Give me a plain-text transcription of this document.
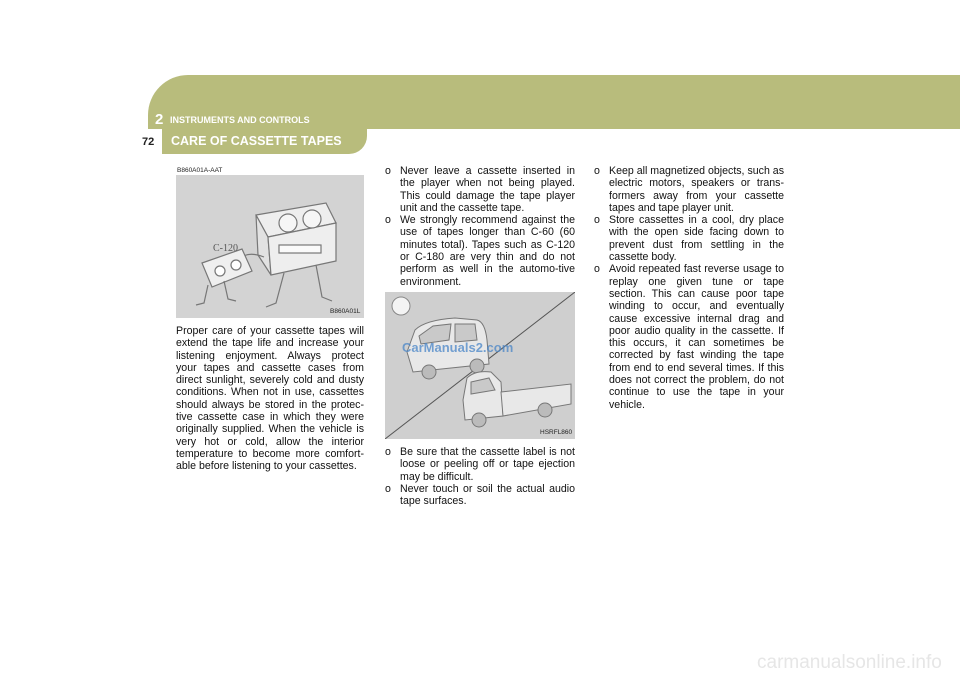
2 INSTRUMENTS AND CONTROLS
72 CARE OF CASSETTE TAPES
B860A01A-AAT
C-120
B860A01L

Proper care of your cassette tapes will extend the tape life and increase your listening enjoyment. Always protect your tapes and cassette cases from direct sunlight, severely cold and dusty conditions. When not in use, cassettes should always be stored in the protec-tive cassette case in which they were originally supplied. When the vehicle is very hot or cold, allow the interior temperature to become more comfort-able before listening to your cassettes.

o Never leave a cassette inserted in the player when not being played. This could damage the tape player unit and the cassette tape.
o We strongly recommend against the use of tapes longer than C-60 (60 minutes total). Tapes such as C-120 or C-180 are very thin and do not perform as well in the automo-tive environment.
HSRFL860
o Be sure that the cassette label is not loose or peeling off or tape ejection may be difficult.
o Never touch or soil the actual audio tape surfaces.
o Keep all magnetized objects, such as electric motors, speakers or trans-formers away from your cassette tapes and tape player unit.
o Store cassettes in a cool, dry place with the open side facing down to prevent dust from settling in the cassette body.
o Avoid repeated fast reverse usage to replay one given tune or tape section. This can cause poor tape winding to occur, and eventually cause excessive internal drag and poor audio quality in the cassette. If this occurs, it can sometimes be corrected by fast winding the tape from end to end several times. If this does not correct the problem, do not continue to use the tape in your vehicle.
CarManuals2.com
carmanualsonline.info
